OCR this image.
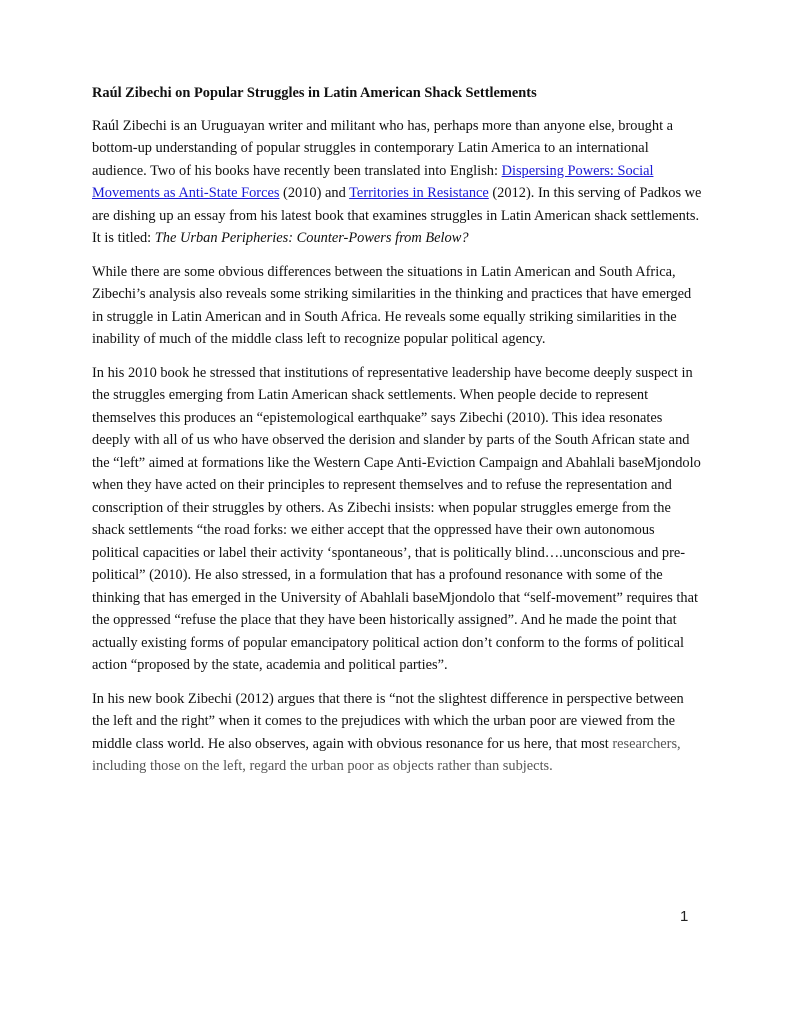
Raúl Zibechi on Popular Struggles in Latin American Shack Settlements

Raúl Zibechi is an Uruguayan writer and militant who has, perhaps more than anyone else, brought a bottom-up understanding of popular struggles in contemporary Latin America to an international audience. Two of his books have recently been translated into English: Dispersing Powers: Social Movements as Anti-State Forces (2010) and Territories in Resistance (2012). In this serving of Padkos we are dishing up an essay from his latest book that examines struggles in Latin American shack settlements. It is titled: The Urban Peripheries: Counter-Powers from Below?

While there are some obvious differences between the situations in Latin American and South Africa, Zibechi’s analysis also reveals some striking similarities in the thinking and practices that have emerged in struggle in Latin American and in South Africa. He reveals some equally striking similarities in the inability of much of the middle class left to recognize popular political agency.

In his 2010 book he stressed that institutions of representative leadership have become deeply suspect in the struggles emerging from Latin American shack settlements. When people decide to represent themselves this produces an “epistemological earthquake” says Zibechi (2010). This idea resonates deeply with all of us who have observed the derision and slander by parts of the South African state and the “left” aimed at formations like the Western Cape Anti-Eviction Campaign and Abahlali baseMjondolo when they have acted on their principles to represent themselves and to refuse the representation and conscription of their struggles by others. As Zibechi insists: when popular struggles emerge from the shack settlements “the road forks: we either accept that the oppressed have their own autonomous political capacities or label their activity ‘spontaneous’, that is politically blind….unconscious and pre-political” (2010). He also stressed, in a formulation that has a profound resonance with some of the thinking that has emerged in the University of Abahlali baseMjondolo that “self-movement” requires that the oppressed “refuse the place that they have been historically assigned”. And he made the point that actually existing forms of popular emancipatory political action don’t conform to the forms of political action “proposed by the state, academia and political parties”.

In his new book Zibechi (2012) argues that there is “not the slightest difference in perspective between the left and the right” when it comes to the prejudices with which the urban poor are viewed from the middle class world. He also observes, again with obvious resonance for us here, that most researchers, including those on the left, regard the urban poor as objects rather than subjects.

1
